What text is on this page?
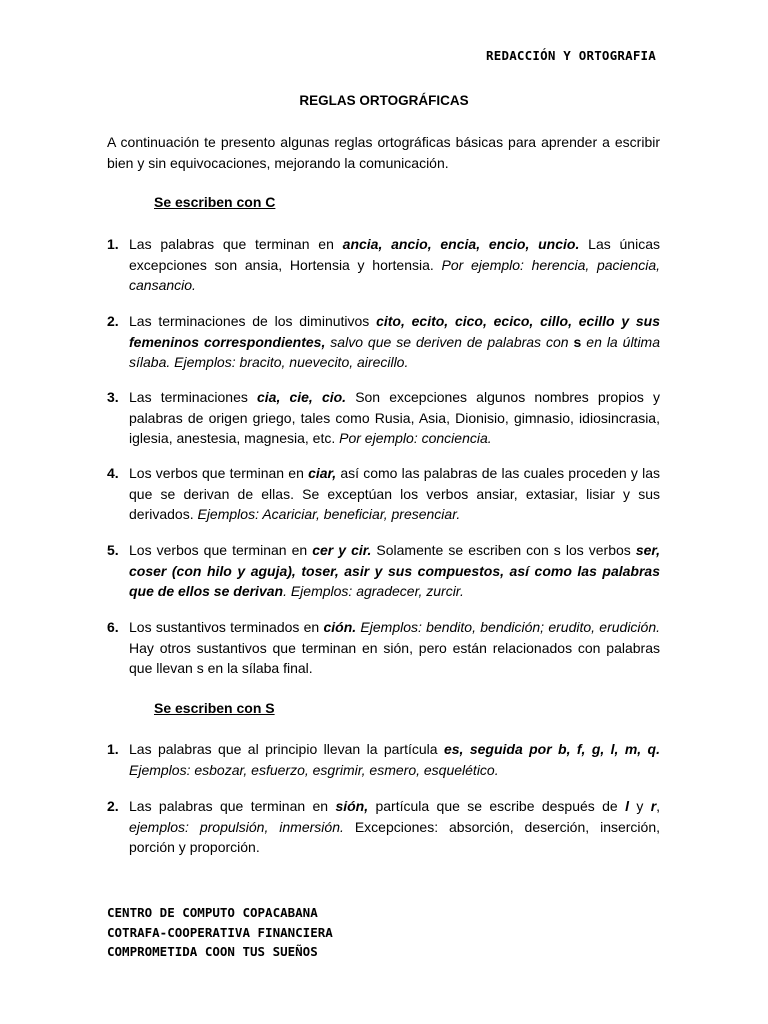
REDACCIÓN Y ORTOGRAFIA
REGLAS ORTOGRÁFICAS

A continuación te presento algunas reglas ortográficas básicas para aprender a escribir bien y sin equivocaciones, mejorando la comunicación.

Se escriben con C
1. Las palabras que terminan en ancia, ancio, encia, encio, uncio. Las únicas excepciones son ansia, Hortensia y hortensia. Por ejemplo: herencia, paciencia, cansancio.

2. Las terminaciones de los diminutivos cito, ecito, cico, ecico, cillo, ecillo y sus femeninos correspondientes, salvo que se deriven de palabras con s en la última sílaba. Ejemplos: bracito, nuevecito, airecillo.

3. Las terminaciones cia, cie, cio. Son excepciones algunos nombres propios y palabras de origen griego, tales como Rusia, Asia, Dionisio, gimnasio, idiosincrasia, iglesia, anestesia, magnesia, etc. Por ejemplo: conciencia.

4. Los verbos que terminan en ciar, así como las palabras de las cuales proceden y las que se derivan de ellas. Se exceptúan los verbos ansiar, extasiar, lisiar y sus derivados. Ejemplos: Acariciar, beneficiar, presenciar.

5. Los verbos que terminan en cer y cir. Solamente se escriben con s los verbos ser, coser (con hilo y aguja), toser, asir y sus compuestos, así como las palabras que de ellos se derivan. Ejemplos: agradecer, zurcir.

6. Los sustantivos terminados en ción. Ejemplos: bendito, bendición; erudito, erudición. Hay otros sustantivos que terminan en sión, pero están relacionados con palabras que llevan s en la sílaba final.

Se escriben con S
1. Las palabras que al principio llevan la partícula es, seguida por b, f, g, l, m, q. Ejemplos: esbozar, esfuerzo, esgrimir, esmero, esquelético.

2. Las palabras que terminan en sión, partícula que se escribe después de l y r, ejemplos: propulsión, inmersión. Excepciones: absorción, deserción, inserción, porción y proporción.

CENTRO DE COMPUTO COPACABANA
COTRAFA-COOPERATIVA FINANCIERA
COMPROMETIDA COON TUS SUEÑOS
